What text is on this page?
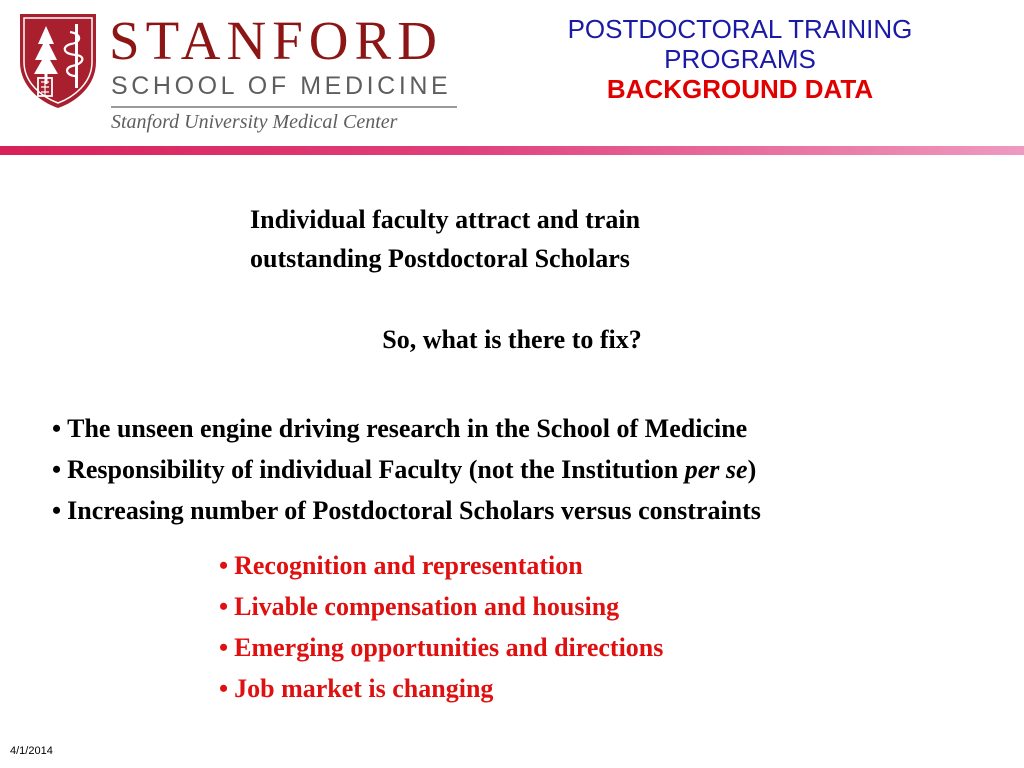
STANFORD
SCHOOL OF MEDICINE
Stanford University Medical Center
POSTDOCTORAL TRAINING
PROGRAMS
BACKGROUND DATA
Individual faculty attract and train
outstanding Postdoctoral Scholars
So, what is there to fix?
• The unseen engine driving research in the School of Medicine
• Responsibility of individual Faculty (not the Institution per se)
• Increasing number of Postdoctoral Scholars versus constraints
• Recognition and representation
• Livable compensation and housing
• Emerging opportunities and directions
• Job market is changing
4/1/2014
